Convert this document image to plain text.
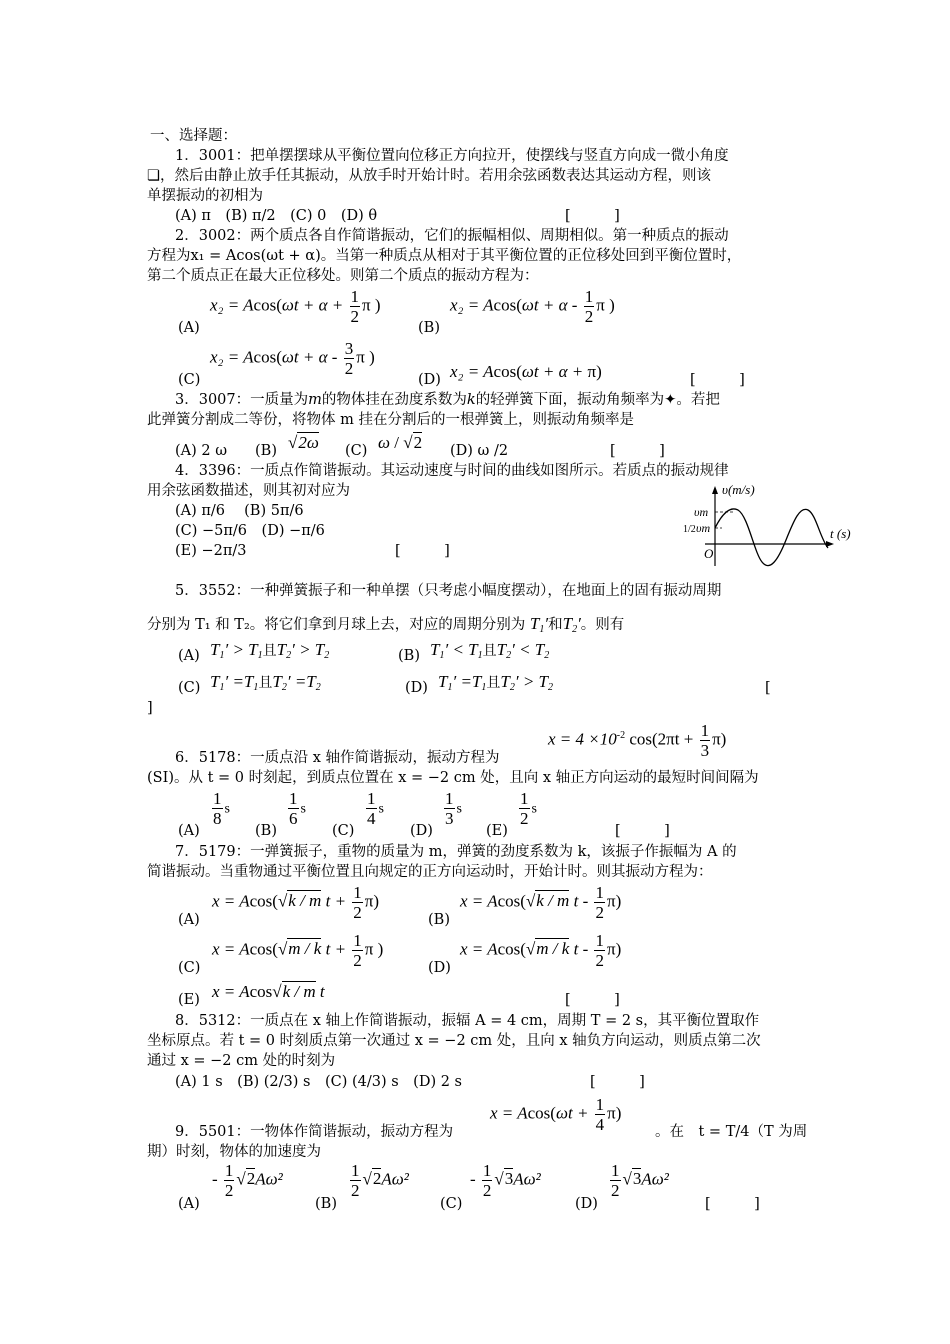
一、选择题：
1．3001：把单摆摆球从平衡位置向位移正方向拉开，使摆线与竖直方向成一微小角度
❏ ，然后由静止放手任其振动，从放手时开始计时。若用余弦函数表达其运动方程，则该
单摆振动的初相为
(A) π　(B) π/2　(C) 0　(D) θ	[　　　]
2．3002：两个质点各自作简谐振动，它们的振幅相似、周期相似。第一种质点的振动
方程为x₁ = Acos(ωt + α)。当第一种质点从相对于其平衡位置的正位移处回到平衡位置时，
第二个质点正在最大正位移处。则第二个质点的振动方程为：
(A)
$x_2 = Acos(\omega t + \alpha + \frac{1}{2}$ π )
(B)
$x_2 = Acos(\omega t + \alpha - \frac{1}{2}$ π )
(C)
$x_2 = Acos(\omega t + \alpha - \frac{3}{2}$ π )
(D) x₂ = Acos(ωt + α + π)	[　　　]
3．3007：一质量为m的物体挂在劲度系数为k的轻弹簧下面，振动角频率为✦。若把
此弹簧分割成二等份，将物体 m 挂在分割后的一根弹簧上，则振动角频率是
(A) 2 ω (B) √2ω (C) ω / √2 (D) ω /2	[　　　]
4．3396：一质点作简谐振动。其运动速度与时间的曲线如图所示。若质点的振动规律
用余弦函数描述，则其初对应为
(A) π/6　 (B) 5π/6
(C) −5π/6　(D) −π/6
(E) −2π/3	[　　　]
υ(m/s)
t (s)
υm
1/2 υm
O
5．3552：一种弹簧振子和一种单摆（只考虑小幅度摆动），在地面上的固有振动周期
分别为 T₁ 和 T₂。将它们拿到月球上去，对应的周期分别为 $T_1'$和$T_2'$。则有
(A) $T_1' > T_1$且$T_2' > T_2$	(B) $T_1' < T_1$且$T_2' < T_2$
(C) $T_1' =T_1$且$T_2' =T_2$	(D) $T_1' =T_1$且$T_2' > T_2$	[
]
$x = 4 \times 10^{-2}$ $\cos(2\pi t + \frac{1}{3} \pi)$
6．5178：一质点沿 x 轴作简谐振动，振动方程为
(SI)。从 t = 0 时刻起，到质点位置在 x = −2 cm 处，且向 x 轴正方向运动的最短时间间隔为
(A)
$\frac{1}{8}$ s
(B)
$\frac{1}{6}$ s
(C)
$\frac{1}{4}$ s
(D)
$\frac{1}{3}$ s
(E)
$\frac{1}{2}$ s
[　　　]
7．5179：一弹簧振子，重物的质量为 m，弹簧的劲度系数为 k，该振子作振幅为 A 的
简谐振动。当重物通过平衡位置且向规定的正方向运动时，开始计时。则其振动方程为：
(A)
x = Acos(√k / m $t + \frac{1}{2} \pi$)
(B)
x = Acos(√k / m t - $\frac{1}{2} \pi$)
(C)
x = Acos(√m / k $t + \frac{1}{2}$ π )
(D)
x = Acos(√m / k t - $\frac{1}{2} \pi$)
(E) x = Acos√k / m t	[　　　]
8．5312：一质点在 x 轴上作简谐振动，振辐 A = 4 cm，周期 T = 2 s，其平衡位置取作
坐标原点。若 t = 0 时刻质点第一次通过 x = −2 cm 处，且向 x 轴负方向运动，则质点第二次
通过 x = −2 cm 处的时刻为
(A) 1 s　(B) (2/3) s　(C) (4/3) s　(D) 2 s	[　　　]
$x = Acos(\omega t + \frac{1}{4} \pi)$
9．5501：一物体作简谐振动，振动方程为	。在　t = T/4（T 为周
期）时刻，物体的加速度为
(A)
- $\frac{1}{2} √2A\omega^2$
(B)
$\frac{1}{2} √2A\omega^2$
(C)
- $\frac{1}{2} √3A\omega^2$
(D)
$\frac{1}{2} √3A\omega^2$
[　　　]
